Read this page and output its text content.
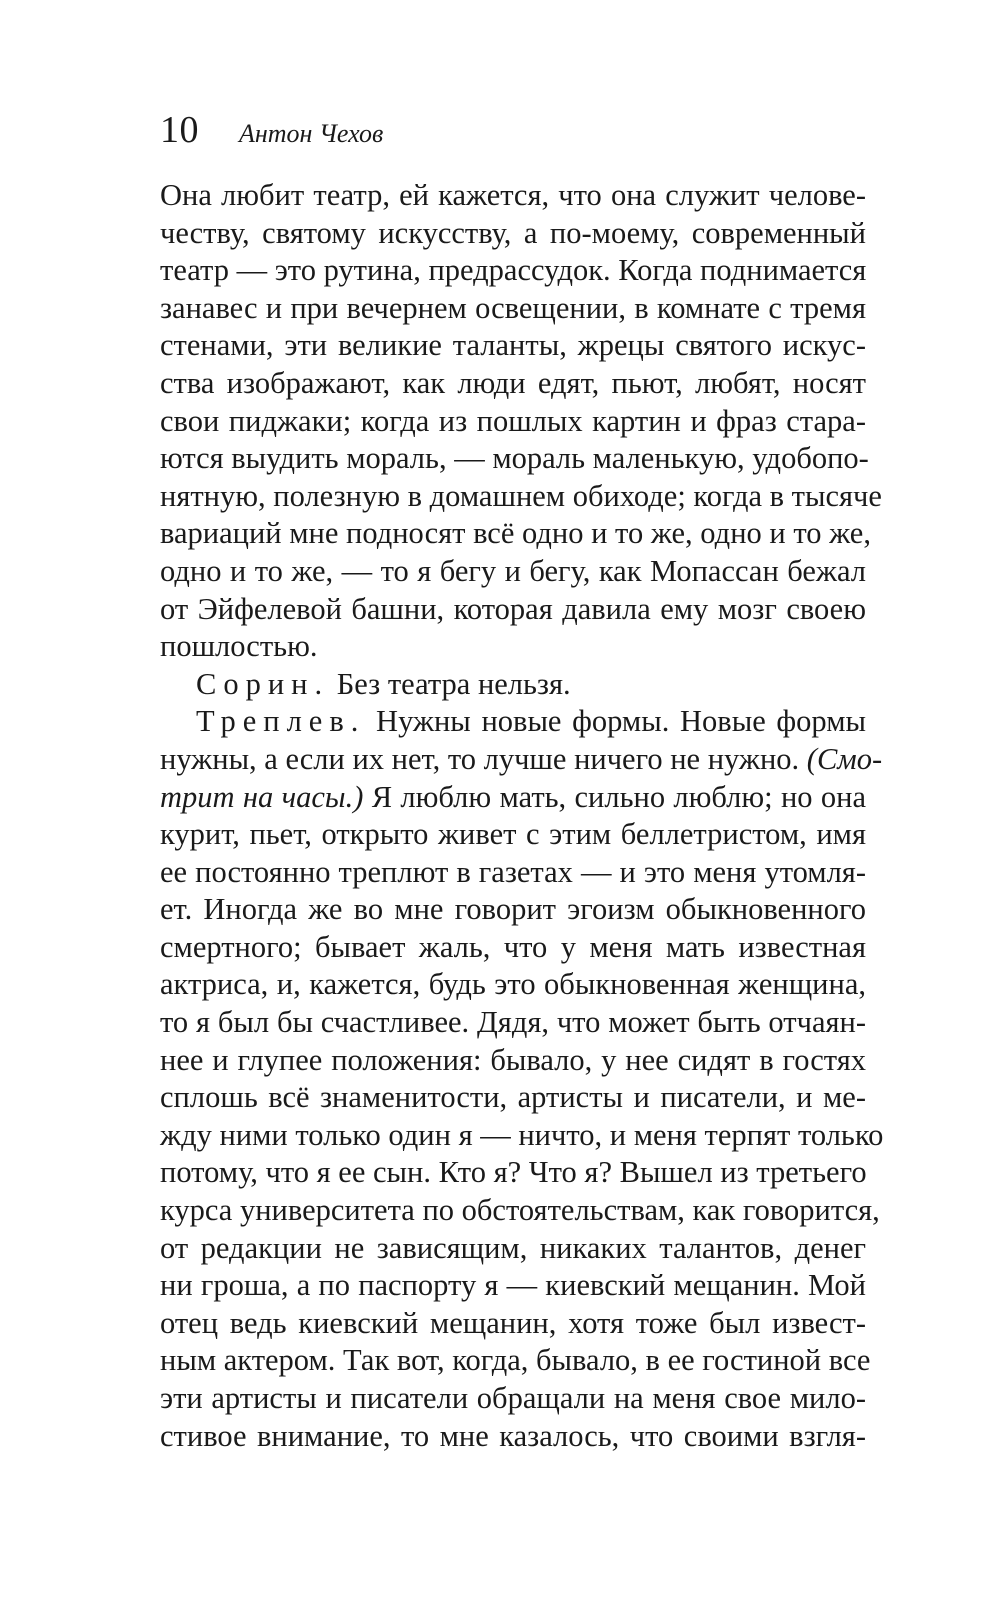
10 Антон Чехов

Она любит театр, ей кажется, что она служит челове-
честву, святому искусству, а по-моему, современный
театр — это рутина, предрассудок. Когда поднимается
занавес и при вечернем освещении, в комнате с тремя
стенами, эти великие таланты, жрецы святого искус-
ства изображают, как люди едят, пьют, любят, носят
свои пиджаки; когда из пошлых картин и фраз стара-
ются выудить мораль, — мораль маленькую, удобопо-
нятную, полезную в домашнем обиходе; когда в тысяче
вариаций мне подносят всё одно и то же, одно и то же,
одно и то же, — то я бегу и бегу, как Мопассан бежал
от Эйфелевой башни, которая давила ему мозг своею
пошлостью.

Сорин. Без театра нельзя.

Треплев. Нужны новые формы. Новые формы
нужны, а если их нет, то лучше ничего не нужно. (Смо-
трит на часы.) Я люблю мать, сильно люблю; но она
курит, пьет, открыто живет с этим беллетристом, имя
ее постоянно треплют в газетах — и это меня утомля-
ет. Иногда же во мне говорит эгоизм обыкновенного
смертного; бывает жаль, что у меня мать известная
актриса, и, кажется, будь это обыкновенная женщина,
то я был бы счастливее. Дядя, что может быть отчаян-
нее и глупее положения: бывало, у нее сидят в гостях
сплошь всё знаменитости, артисты и писатели, и ме-
жду ними только один я — ничто, и меня терпят только
потому, что я ее сын. Кто я? Что я? Вышел из третьего
курса университета по обстоятельствам, как говорится,
от редакции не зависящим, никаких талантов, денег
ни гроша, а по паспорту я — киевский мещанин. Мой
отец ведь киевский мещанин, хотя тоже был извест-
ным актером. Так вот, когда, бывало, в ее гостиной все
эти артисты и писатели обращали на меня свое мило-
стивое внимание, то мне казалось, что своими взгля-
